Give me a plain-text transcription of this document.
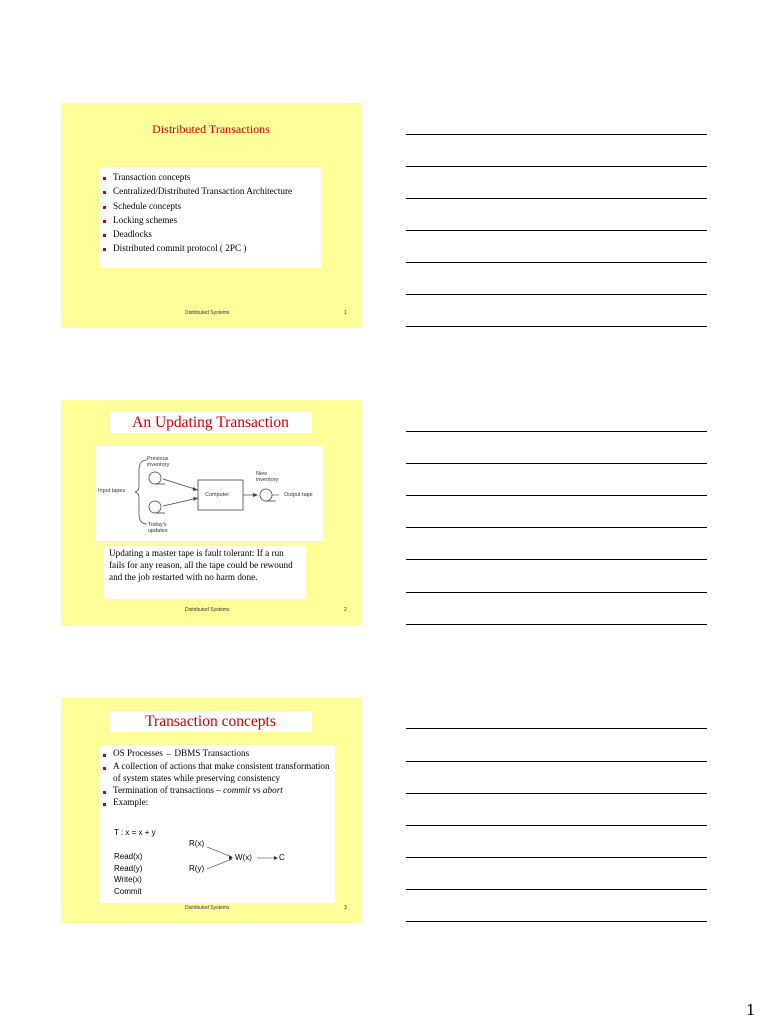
Distributed Transactions
Transaction concepts
Centralized/Distributed Transaction Architecture
Schedule concepts
Locking schemes
Deadlocks
Distributed commit protocol ( 2PC )
Distributed Systems	1
An Updating Transaction
Previous
inventory
Input tapes
Computer
New
inventory
Output tape
Today's
updates
Updating a master tape is fault tolerant: If a run fails for any reason, all the tape could be rewound and the job restarted with no harm done.
Distributed Systems	2
Transaction concepts
OS Processes ⇔ DBMS Transactions
A collection of actions that make consistent transformation of system states while preserving consistency
Termination of transactions – commit vs abort
Example:
T : x = x + y
Read(x)
Read(y)
Write(x)
Commit
R(x)
R(y)
W(x)	C
Distributed Systems	3
1
